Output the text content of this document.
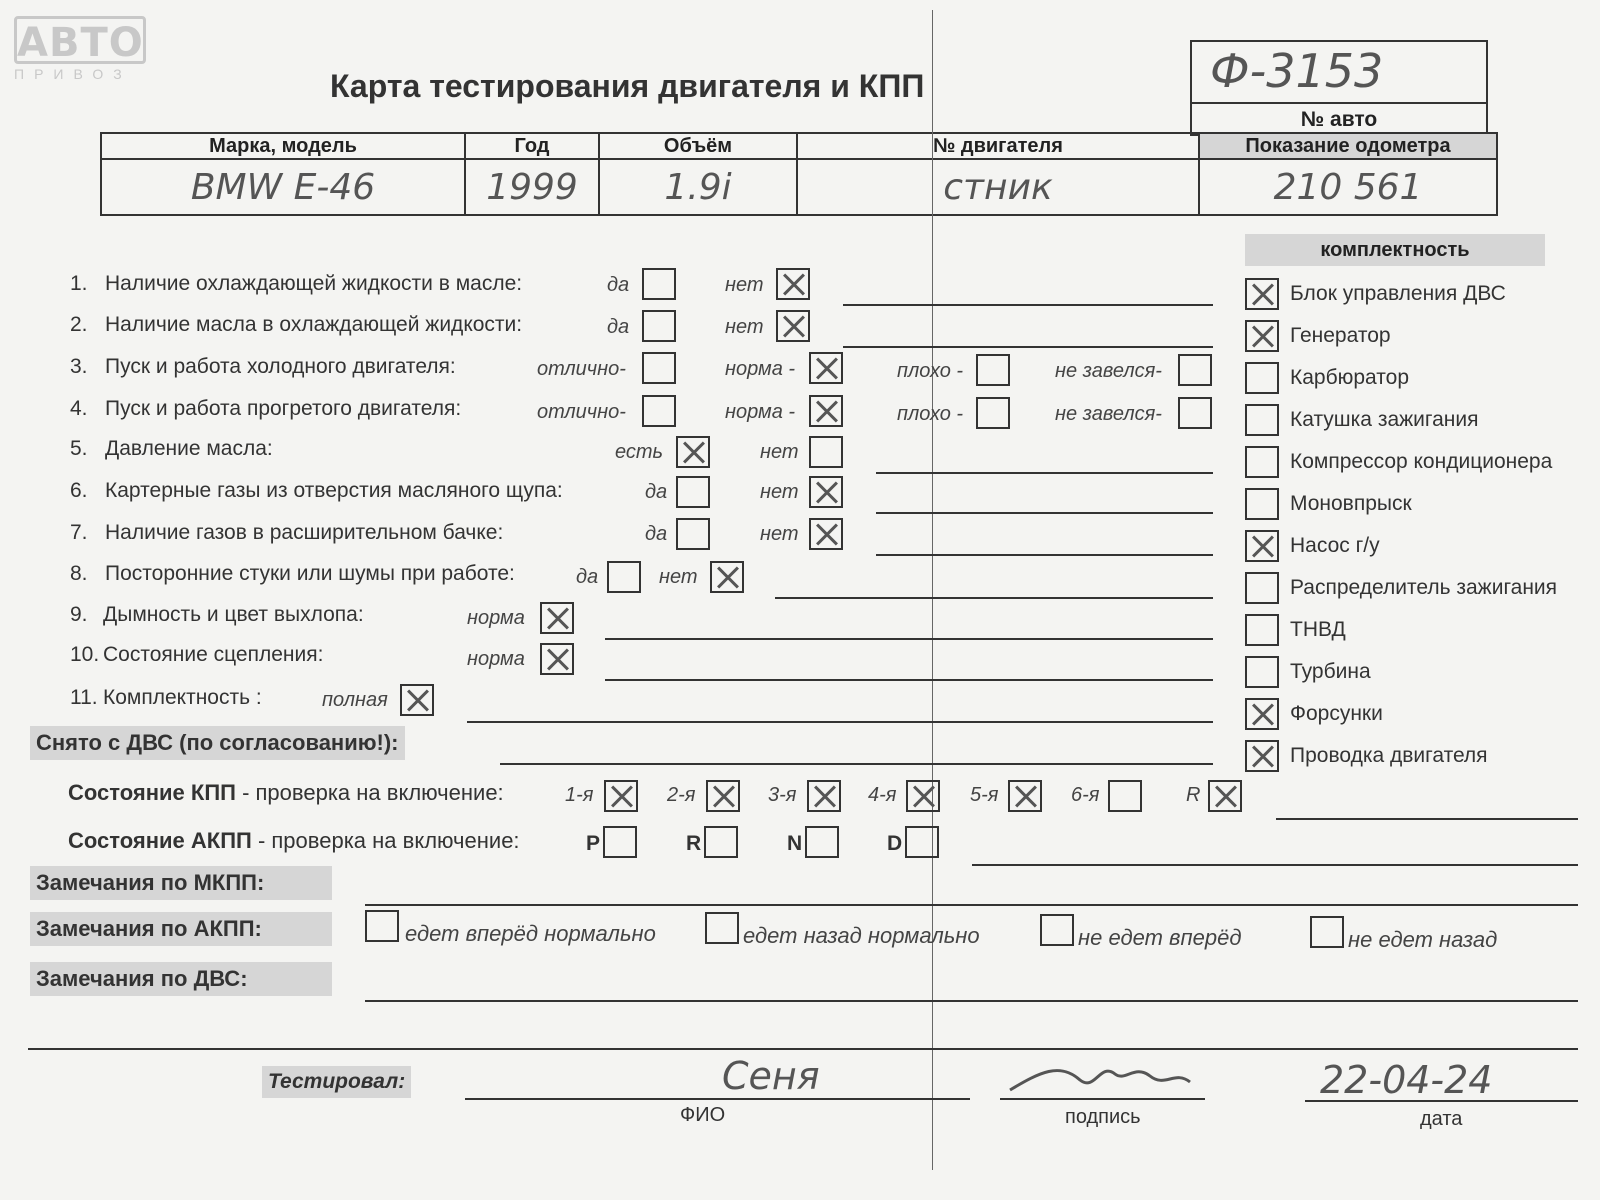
АВТО
ПРИВОЗ	Карта тестирования двигателя и КПП	Ф-3153
№ авто
Марка, модель	Год	Объём	№ двигателя	Показание одометра
BMW E-46	1999	1.9i	стник	210 561
комплектность
Блок управления ДВС
Генератор
Карбюратор
Катушка зажигания
Компрессор кондиционера
Моновпрыск
Насос г/у
Распределитель зажигания
ТНВД
Турбина
Форсунки
Проводка двигателя
1. Наличие охлаждающей жидкости в масле:	да	нет
2. Наличие масла в охлаждающей жидкости:	да	нет
3. Пуск и работа холодного двигателя:	отлично-	норма -	плохо -	не завелся-
4. Пуск и работа прогретого двигателя:	отлично-	норма -	плохо -	не завелся-
5. Давление масла:	есть	нет
6. Картерные газы из отверстия масляного щупа:	да	нет
7. Наличие газов в расширительном бачке:	да	нет
8. Посторонние стуки или шумы при работе:	да	нет
9. Дымность и цвет выхлопа:	норма
10. Состояние сцепления:	норма
11. Комплектность :	полная
Снято с ДВС (по согласованию!):
Состояние КПП - проверка на включение:	1-я	2-я	3-я	4-я	5-я	6-я	R
Состояние АКПП - проверка на включение:	P	R	N	D
Замечания по МКПП:
Замечания по АКПП:	едет вперёд нормально	едет назад нормально	не едет вперёд	не едет назад
Замечания по ДВС:
Тестировал:	Сеня
ФИО	подпись
22-04-24
дата
